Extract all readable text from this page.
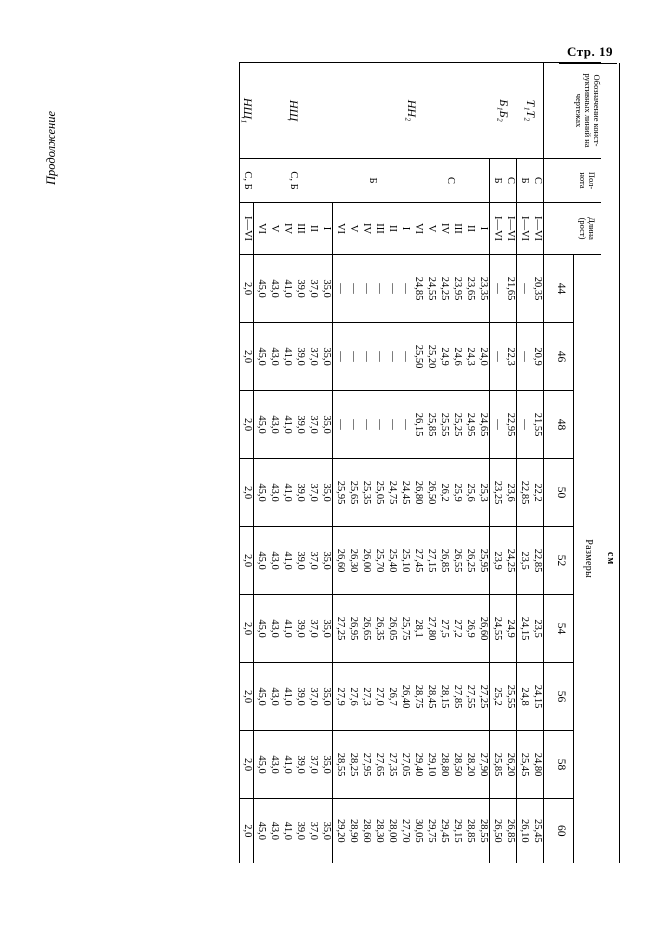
Стр. 19
Продолжение
			см								
Обозначение конст-
руктивных линий на
чертежах	Пол-
нота	Длина
(рост)	Размеры								
			44	46	48	50	52	54	56	58	60

Т₁Т₂	С	I—VI	20,35	20,9	21,55	22,2	22,85	23,5	24,15	24,80	25,45
	Б	I—VI	—	—	—	22,85	23,5	24,15	24,8	25,45	26,10
Б₁Б₂	С	I—VI	21,65	22,3	22,95	23,6	24,25	24,9	25,55	26,20	26,85
	Б	I—VI	—	—	—	23,25	23,9	24,55	25,2	25,85	26,50
НН₂	С	I	23,35	24,0	24,65	25,3	25,95	26,60	27,25	27,90	28,55
		II	23,65	24,3	24,95	25,6	26,25	26,9	27,55	28,20	28,85
		III	23,95	24,6	25,25	25,9	26,55	27,2	27,85	28,50	29,15
		IV	24,25	24,9	25,55	26,2	26,85	27,5	28,15	28,80	29,45
		V	24,55	25,20	25,85	26,50	27,15	27,80	28,45	29,10	29,75
		VI	24,85	25,50	26,15	26,80	27,45	28,1	28,75	29,40	30,05
	Б	I	—	—	—	24,45	25,10	25,75	26,40	27,05	27,70
		II	—	—	—	24,75	25,40	26,05	26,7	27,35	28,00
		III	—	—	—	25,05	25,70	26,35	27,0	27,65	28,30
		IV	—	—	—	25,35	26,00	26,65	27,3	27,95	28,60
		V	—	—	—	25,65	26,30	26,95	27,6	28,25	28,90
		VI	—	—	—	25,95	26,60	27,25	27,9	28,55	29,20
НЩ	С, Б	I	35,0	35,0	35,0	35,0	35,0	35,0	35,0	35,0	35,0
		II	37,0	37,0	37,0	37,0	37,0	37,0	37,0	37,0	37,0
		III	39,0	39,0	39,0	39,0	39,0	39,0	39,0	39,0	39,0
		IV	41,0	41,0	41,0	41,0	41,0	41,0	41,0	41,0	41,0
		V	43,0	43,0	43,0	43,0	43,0	43,0	43,0	43,0	43,0
		VI	45,0	45,0	45,0	45,0	45,0	45,0	45,0	45,0	45,0
НЩ₁	С, Б	I—VI	2,0	2,0	2,0	2,0	2,0	2,0	2,0	2,0	2,0
